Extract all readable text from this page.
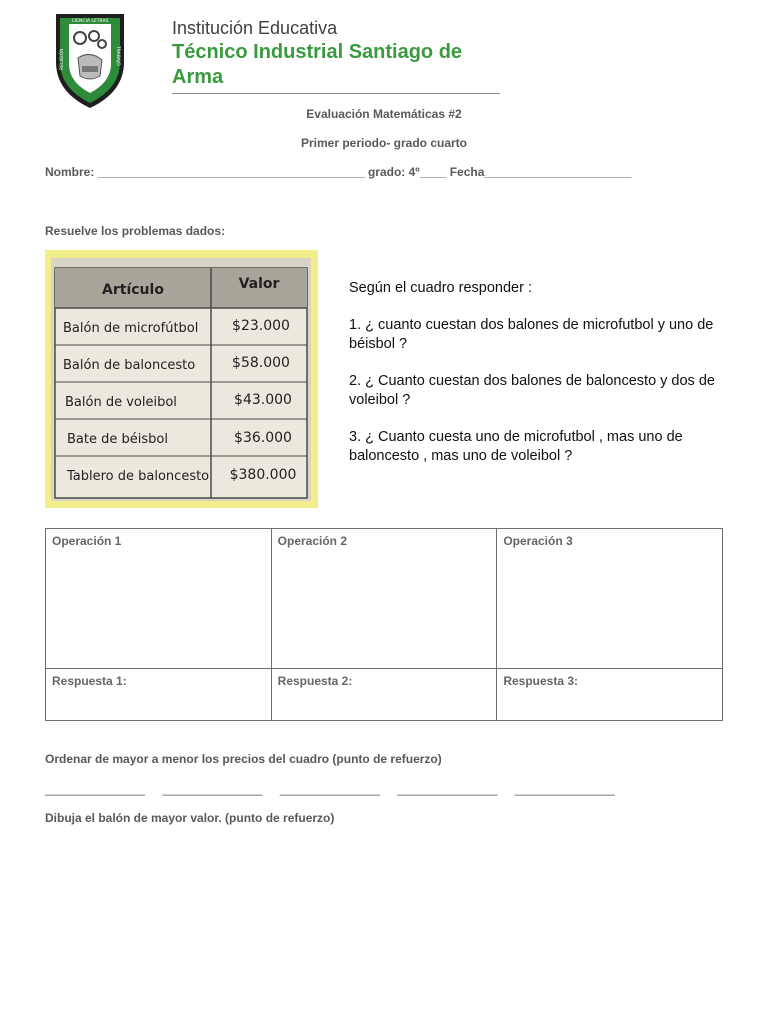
CIENCIA LETRAS
RELIGIÓN	TRABAJO
Institución Educativa
Técnico Industrial Santiago de Arma
Evaluación Matemáticas #2
Primer periodo- grado cuarto
Nombre: ________________________________________ grado: 4º____ Fecha______________________
Resuelve los problemas dados:
Artículo	Valor
Balón de microfútbol $23.000
Balón de baloncesto	$58.000
Balón de voleibol	$43.000
Bate de béisbol	$36.000
Tablero de baloncesto $380.000

Según el cuadro responder :

1. ¿ cuanto cuestan dos balones de microfutbol y uno de béisbol ?

2. ¿ Cuanto cuestan dos balones de baloncesto y dos de voleibol ?

3. ¿ Cuanto cuesta uno de microfutbol , mas uno de baloncesto , mas uno de voleibol ?

Operación 1	Operación 2	Operación 3
Respuesta 1:	Respuesta 2:	Respuesta 3:
Ordenar de mayor a menor los precios del cuadro (punto de refuerzo)
_______________ _______________ _______________ _______________ _______________
Dibuja el balón de mayor valor. (punto de refuerzo)
